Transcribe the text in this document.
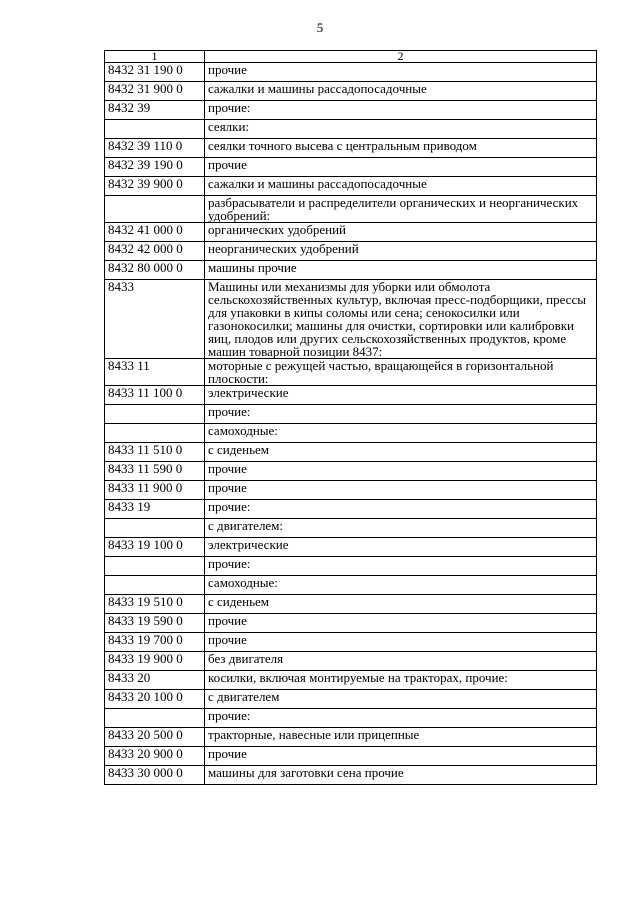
5
1	2
8432 31 190 0	прочие
8432 31 900 0	сажалки и машины рассадопосадочные
8432 39	прочие:
	сеялки:
8432 39 110 0	сеялки точного высева с центральным приводом
8432 39 190 0	прочие
8432 39 900 0	сажалки и машины рассадопосадочные
	разбрасыватели и распределители органических и неорганических удобрений:
8432 41 000 0	органических удобрений
8432 42 000 0	неорганических удобрений
8432 80 000 0	машины прочие
8433	Машины или механизмы для уборки или обмолота сельскохозяйственных культур, включая пресс-подборщики, прессы для упаковки в кипы соломы или сена; сенокосилки или газонокосилки; машины для очистки, сортировки или калибровки яиц, плодов или других сельскохозяйственных продуктов, кроме машин товарной позиции 8437:
8433 11	моторные с режущей частью, вращающейся в горизонтальной плоскости:
8433 11 100 0	электрические
	прочие:
	самоходные:
8433 11 510 0	с сиденьем
8433 11 590 0	прочие
8433 11 900 0	прочие
8433 19	прочие:
	с двигателем:
8433 19 100 0	электрические
	прочие:
	самоходные:
8433 19 510 0	с сиденьем
8433 19 590 0	прочие
8433 19 700 0	прочие
8433 19 900 0	без двигателя
8433 20	косилки, включая монтируемые на тракторах, прочие:
8433 20 100 0	с двигателем
	прочие:
8433 20 500 0	тракторные, навесные или прицепные
8433 20 900 0	прочие
8433 30 000 0	машины для заготовки сена прочие
